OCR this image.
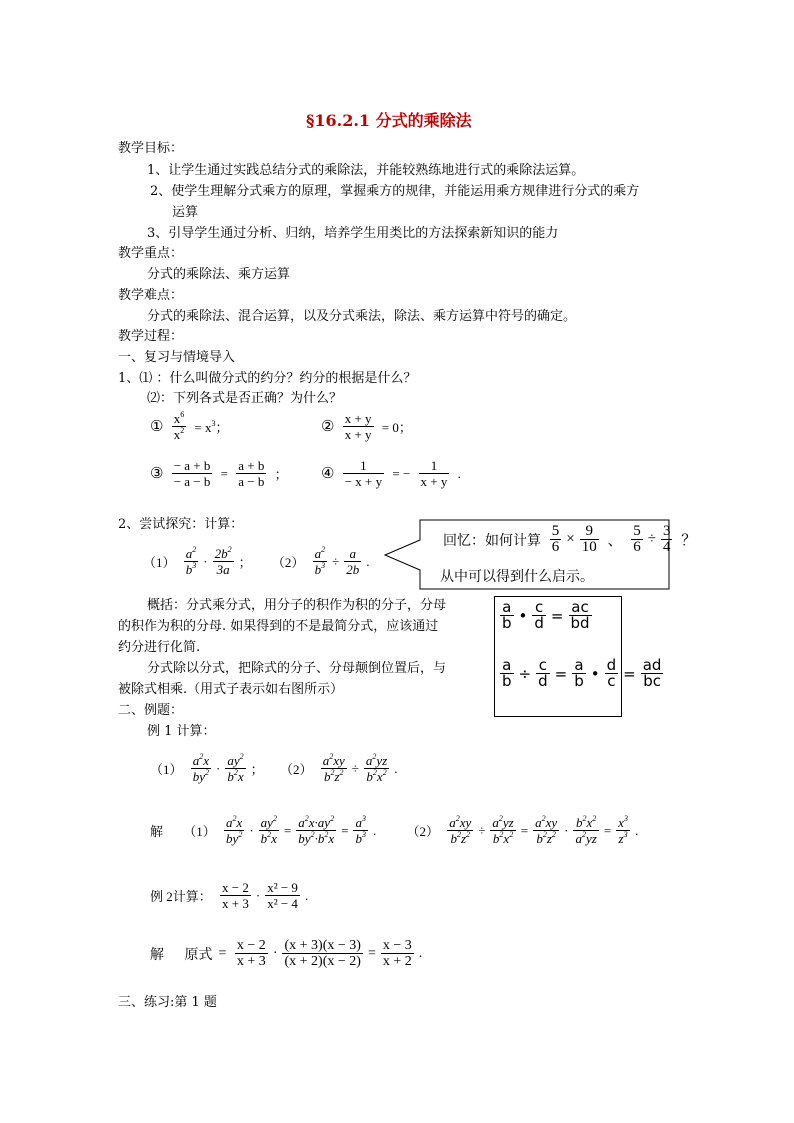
§16.2.1 分式的乘除法
教学目标：
1、让学生通过实践总结分式的乘除法，并能较熟练地进行式的乘除法运算。
2、使学生理解分式乘方的原理，掌握乘方的规律，并能运用乘方规律进行分式的乘方
运算
3、引导学生通过分析、归纳，培养学生用类比的方法探索新知识的能力
教学重点：
分式的乘除法、乘方运算
教学难点：
分式的乘除法、混合运算，以及分式乘法，除法、乘方运算中符号的确定。
教学过程：
一、复习与情境导入
1、⑴ ：什么叫做分式的约分？约分的根据是什么？
⑵：下列各式是否正确？为什么？
① $\frac{x^6}{x^2} = x^3$；	② $\frac{x + y}{x + y} = 0$；
③ $\frac{- a + b}{- a - b} = \frac{a + b}{a - b}$ ； ④ $\frac{1}{- x + y}$ = − $\frac{1}{x + y}$ .
2、尝试探究：计算：
$(1) \frac{a^2}{b^3} \cdot \frac{2b^2}{3a}$ ； $(2) \frac{a^2}{b^3} \div \frac{a}{2b}$ .
回忆：如何计算 $\frac{5}{6} \times \frac{9}{10}$ 、 $\frac{5}{6} \div \frac{3}{4}$ ？
从中可以得到什么启示。
概括：分式乘分式，用分子的积作为积的分子，分母
的积作为积的分母. 如果得到的不是最简分式，应该通过
约分进行化简.
分式除以分式，把除式的分子、分母颠倒位置后，与
被除式相乘.（用式子表示如右图所示）
$\frac{a}{b}$ • $\frac{c}{d} = \frac{ac}{bd}$
$\frac{a}{b} \div \frac{c}{d} = \frac{a}{b}$ • $\frac{d}{c} = \frac{ad}{bc}$
二、例题：
例 1 计算：
$(1) \frac{a^2x}{by^2} \cdot \frac{ay^2}{b^2x}$ ； $(2) \frac{a^2xy}{b^2z^2} \div \frac{a^2yz}{b^2x^2}$ .
解 $(1) \frac{a^2x}{by^2} \cdot \frac{ay^2}{b^2x} = \frac{a^2x\cdot ay^2}{by^2\cdot b^2x} = \frac{a^3}{b^3}$ . $(2) \frac{a^2xy}{b^2z^2} \div \frac{a^2yz}{b^2x^2} = \frac{a^2xy}{b^2z^2} \cdot \frac{b^2x^2}{a^2yz} = \frac{x^3}{z^3}$ .
例 2计算： $\frac{x - 2}{x + 3} \cdot \frac{\text{x² − 9}}{\text{x² − 4}}$ .
解 原式 = $\frac{x - 2}{x + 3} \cdot \frac{(x + 3)(x - 3)}{(x + 2)(x - 2)} = \frac{x - 3}{x + 2}$ .
三、练习:第 1 题
